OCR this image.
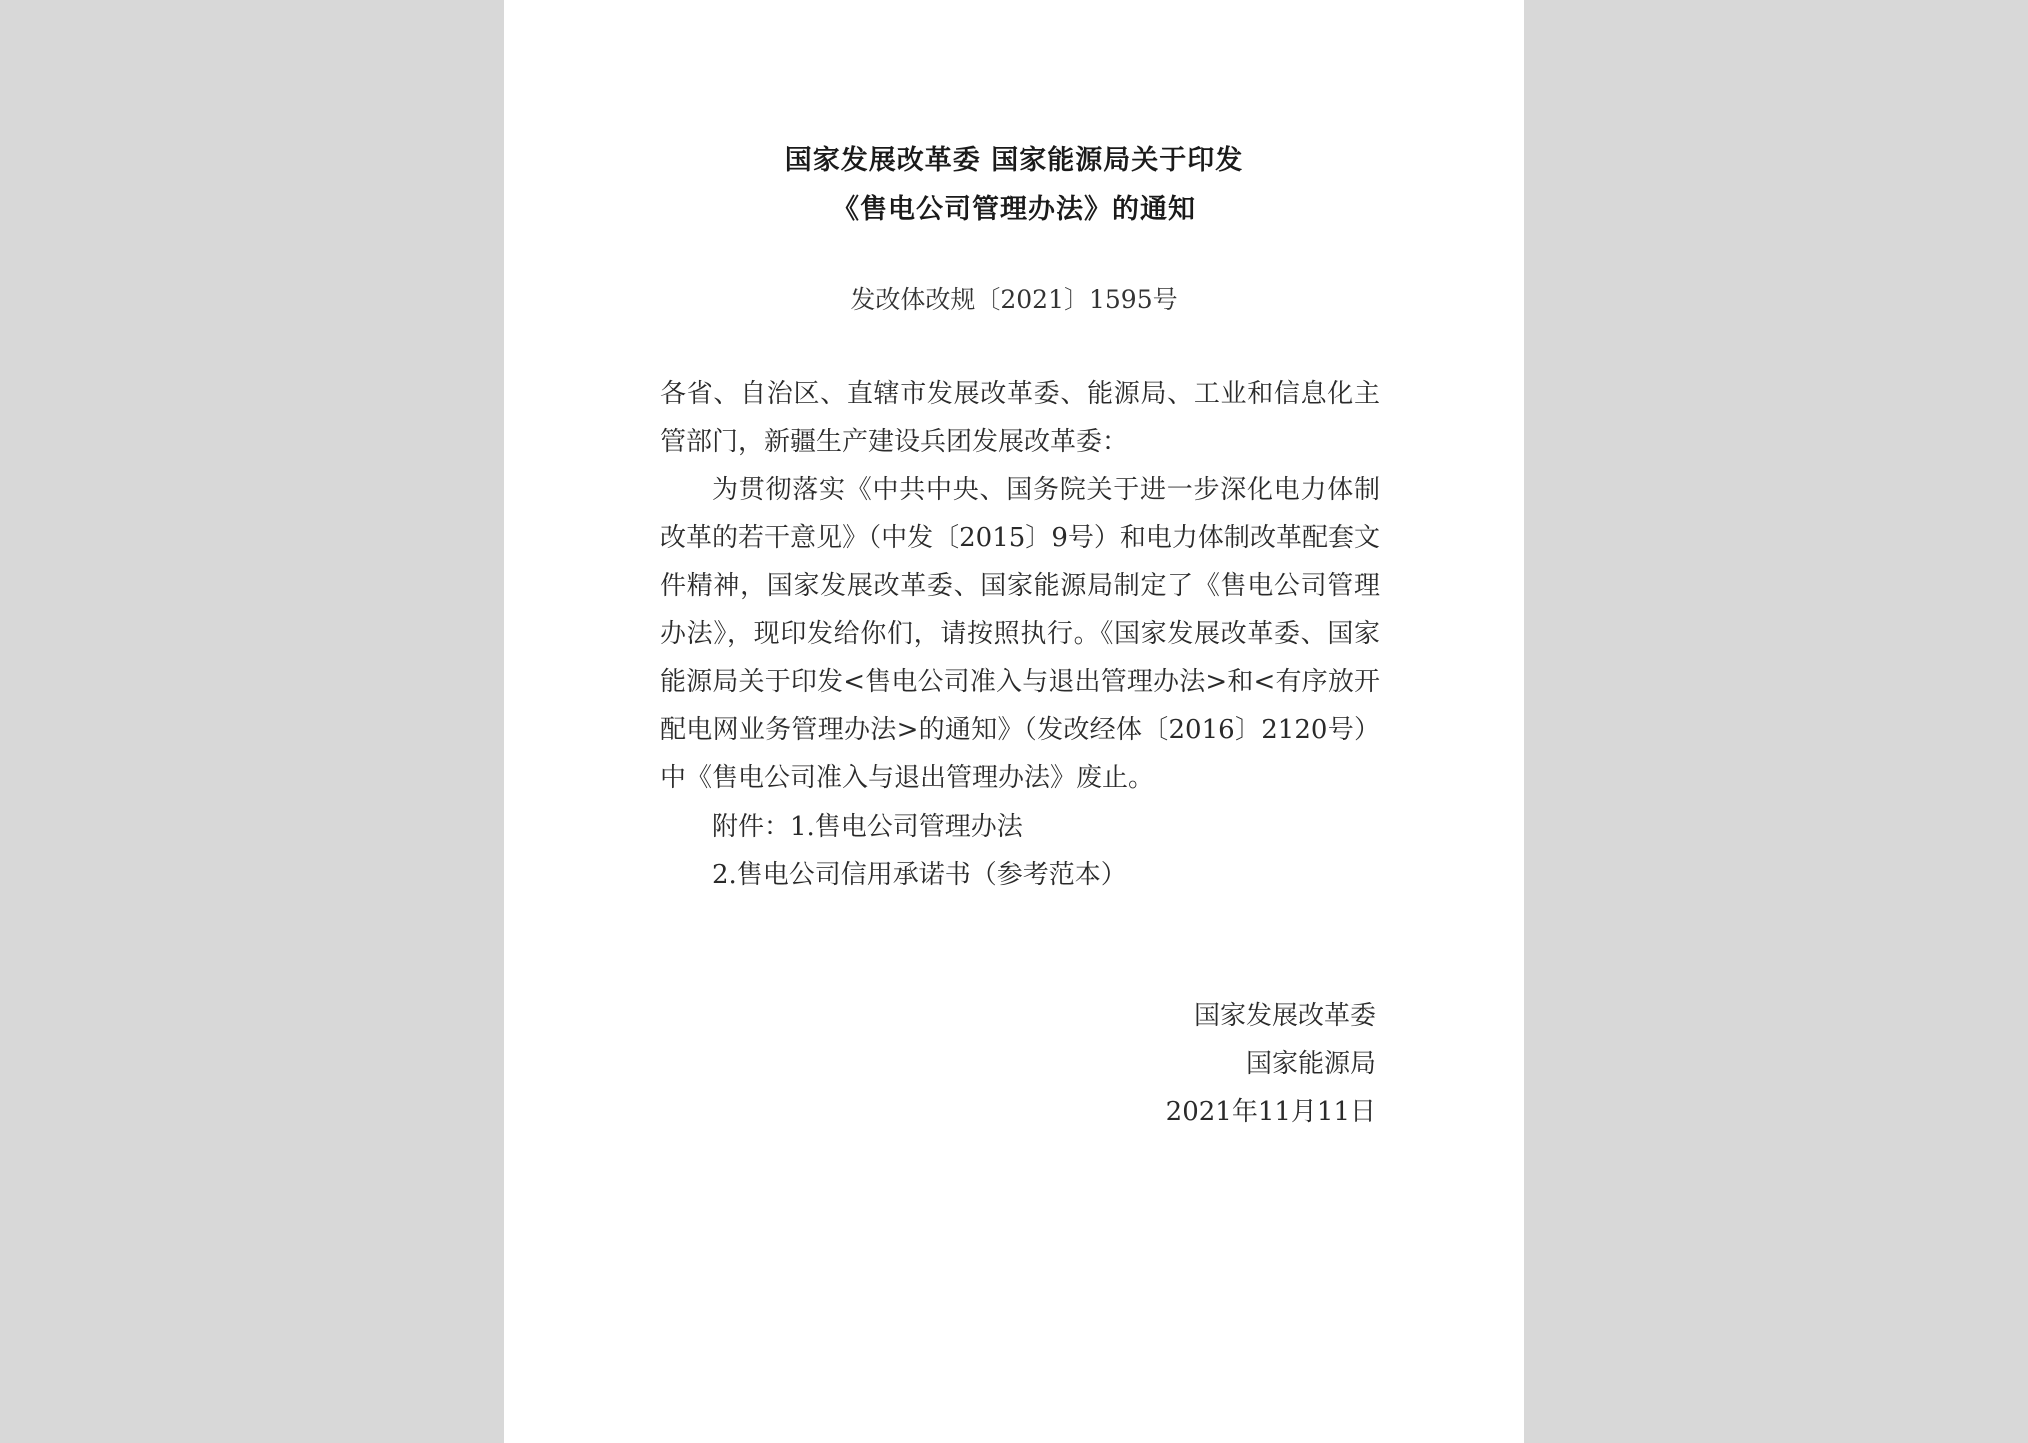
国家发展改革委 国家能源局关于印发
《售电公司管理办法》的通知
发改体改规〔2021〕1595号

各省、自治区、直辖市发展改革委、能源局、工业和信息化主管部门，新疆生产建设兵团发展改革委：

为贯彻落实《中共中央、国务院关于进一步深化电力体制改革的若干意见》（中发〔2015〕9号）和电力体制改革配套文件精神，国家发展改革委、国家能源局制定了《售电公司管理办法》，现印发给你们，请按照执行。《国家发展改革委、国家能源局关于印发<售电公司准入与退出管理办法>和<有序放开配电网业务管理办法>的通知》（发改经体〔2016〕2120号）中《售电公司准入与退出管理办法》废止。

附件：1.售电公司管理办法
2.售电公司信用承诺书（参考范本）
国家发展改革委
国家能源局
2021年11月11日
